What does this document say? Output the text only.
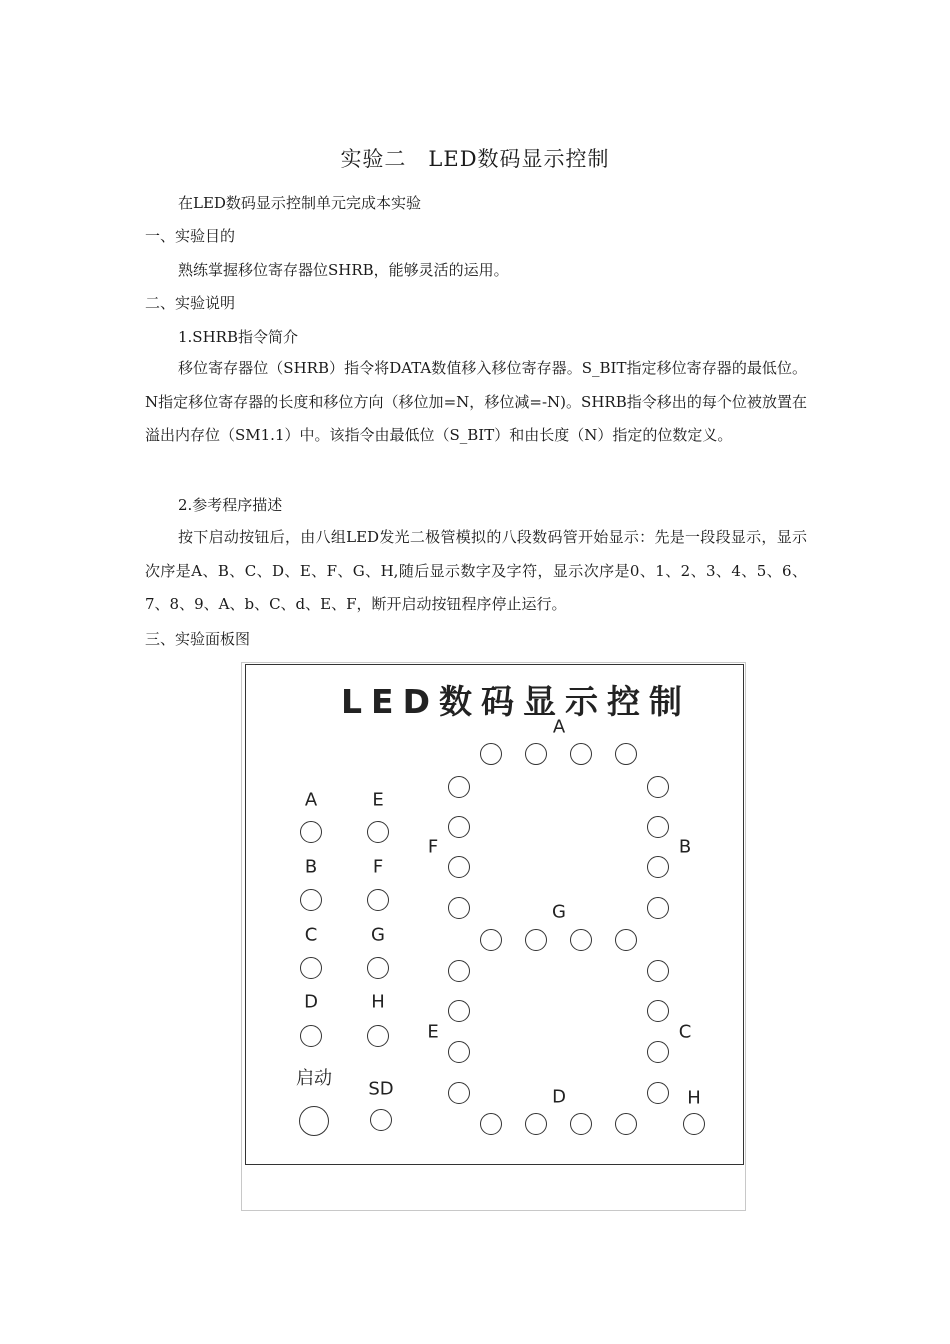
实验二　LED数码显示控制
在LED数码显示控制单元完成本实验
一、实验目的
熟练掌握移位寄存器位SHRB，能够灵活的运用。
二、实验说明
1.SHRB指令简介
移位寄存器位（SHRB）指令将DATA数值移入移位寄存器。S_BIT指定移位寄存器的最低位。N指定移位寄存器的长度和移位方向（移位加=N，移位减=-N)。SHRB指令移出的每个位被放置在溢出内存位（SM1.1）中。该指令由最低位（S_BIT）和由长度（N）指定的位数定义。
2.参考程序描述
按下启动按钮后，由八组LED发光二极管模拟的八段数码管开始显示：先是一段段显示，显示次序是A、B、C、D、E、F、G、H,随后显示数字及字符，显示次序是0、1、2、3、4、5、6、7、8、9、A、b、C、d、E、F，断开启动按钮程序停止运行。
三、实验面板图
LED数码显示控制
A
B
C
D
启动
E
F
G
H
SD
A
B
C
D
E
F
G
H
